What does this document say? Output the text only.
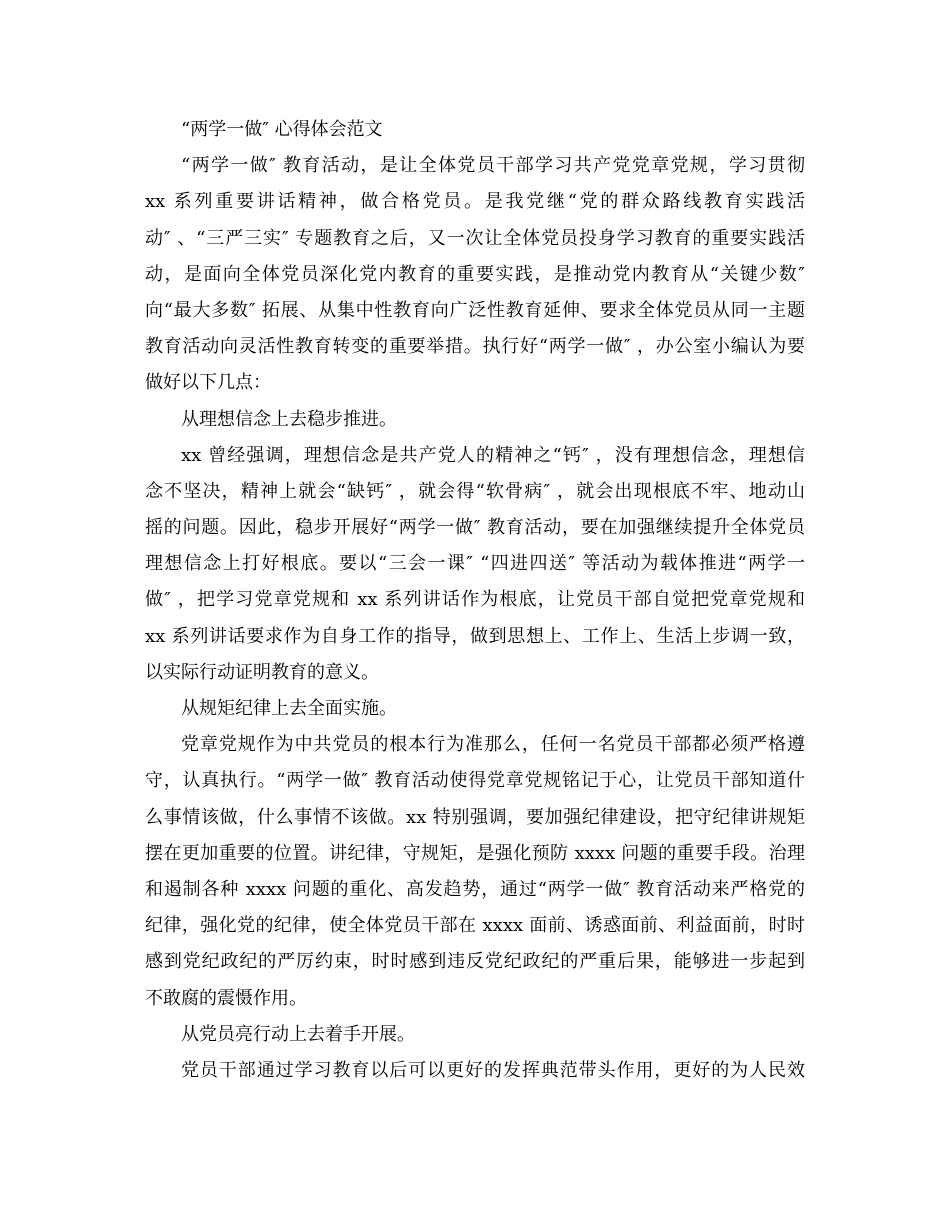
“两学一做″ 心得体会范文
“两学一做″ 教育活动，是让全体党员干部学习共产党党章党规，学习贯彻
xx 系列重要讲话精神，做合格党员。是我党继“党的群众路线教育实践活
动″ 、“三严三实″ 专题教育之后，又一次让全体党员投身学习教育的重要实践活
动，是面向全体党员深化党内教育的重要实践，是推动党内教育从“关键少数″
向“最大多数″ 拓展、从集中性教育向广泛性教育延伸、要求全体党员从同一主题
教育活动向灵活性教育转变的重要举措。执行好“两学一做″ ，办公室小编认为要
做好以下几点：
从理想信念上去稳步推进。
xx 曾经强调，理想信念是共产党人的精神之“钙″ ，没有理想信念，理想信
念不坚决，精神上就会“缺钙″ ，就会得“软骨病″ ，就会出现根底不牢、地动山
摇的问题。因此，稳步开展好“两学一做″ 教育活动，要在加强继续提升全体党员
理想信念上打好根底。要以“三会一课″ “四进四送″ 等活动为载体推进“两学一
做″ ，把学习党章党规和 xx 系列讲话作为根底，让党员干部自觉把党章党规和
xx 系列讲话要求作为自身工作的指导，做到思想上、工作上、生活上步调一致，
以实际行动证明教育的意义。
从规矩纪律上去全面实施。
党章党规作为中共党员的根本行为准那么，任何一名党员干部都必须严格遵
守，认真执行。“两学一做″ 教育活动使得党章党规铭记于心，让党员干部知道什
么事情该做，什么事情不该做。xx 特别强调，要加强纪律建设，把守纪律讲规矩
摆在更加重要的位置。讲纪律，守规矩，是强化预防 xxxx 问题的重要手段。治理
和遏制各种 xxxx 问题的重化、高发趋势，通过“两学一做″ 教育活动来严格党的
纪律，强化党的纪律，使全体党员干部在 xxxx 面前、诱惑面前、利益面前，时时
感到党纪政纪的严厉约束，时时感到违反党纪政纪的严重后果，能够进一步起到
不敢腐的震慑作用。
从党员亮行动上去着手开展。
党员干部通过学习教育以后可以更好的发挥典范带头作用，更好的为人民效
